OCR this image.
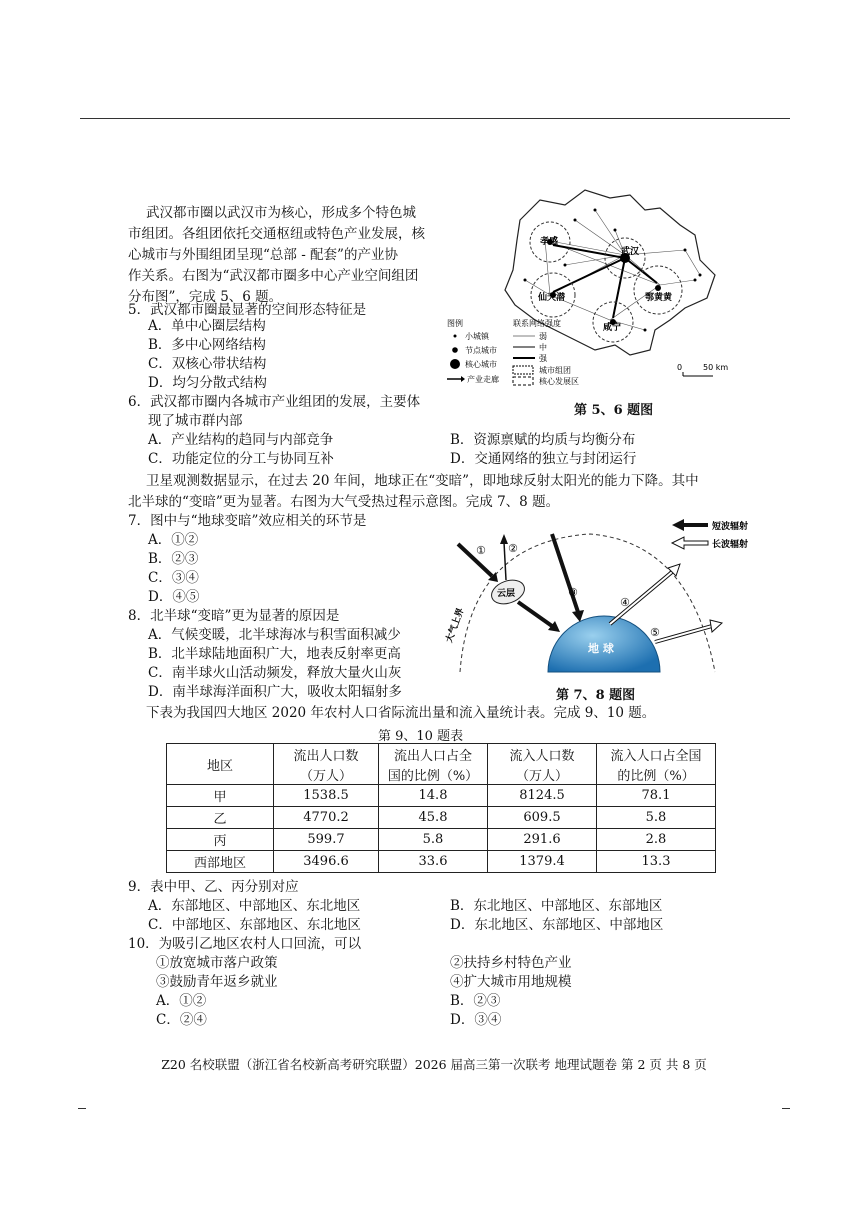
武汉都市圈以武汉市为核心，形成多个特色城
市组团。各组团依托交通枢纽或特色产业发展，核
心城市与外围组团呈现“总部 - 配套”的产业协
作关系。右图为“武汉都市圈多中心产业空间组团
分布图”，完成 5、6 题。
5．武汉都市圈最显著的空间形态特征是
A．单中心圈层结构
B．多中心网络结构
C．双核心带状结构
D．均匀分散式结构
6．武汉都市圈内各城市产业组团的发展，主要体
现了城市群内部
A．产业结构的趋同与内部竞争	B．资源禀赋的均质与均衡分布
C．功能定位的分工与协同互补	D．交通网络的独立与封闭运行
孝感
武汉
仙天潜	鄂黄黄
咸宁
图例
小城镇
节点城市
核心城市
产业走廊
联系网络强度
弱
中
强
城市组团
核心发展区
0	50 km
第 5、6 题图
卫星观测数据显示，在过去 20 年间，地球正在“变暗”，即地球反射太阳光的能力下降。其中
北半球的“变暗”更为显著。右图为大气受热过程示意图。完成 7、8 题。
7．图中与“地球变暗”效应相关的环节是
A．①②
B．②③
C．③④
D．④⑤
8．北半球“变暗”更为显著的原因是
A．气候变暖，北半球海冰与积雪面积减少
B．北半球陆地面积广大，地表反射率更高
C．南半球火山活动频发，释放大量火山灰
D．南半球海洋面积广大，吸收太阳辐射多
短波辐射
长波辐射
大气上界
地 球
云层
① ②
③
④
⑤
第 7、8 题图
下表为我国四大地区 2020 年农村人口省际流出量和流入量统计表。完成 9、10 题。
第 9、10 题表
地区	流出人口数	流出人口占全	流入人口数	流入人口占全国
	（万人）	国的比例（%）	（万人）	的比例（%）
甲	1538.5	14.8	8124.5	78.1
乙	4770.2	45.8	609.5	5.8
丙	599.7	5.8	291.6	2.8
西部地区	3496.6	33.6	1379.4	13.3
9．表中甲、乙、丙分别对应
A．东部地区、中部地区、东北地区	B．东北地区、中部地区、东部地区
C．中部地区、东部地区、东北地区	D．东北地区、东部地区、中部地区
10．为吸引乙地区农村人口回流，可以
①放宽城市落户政策	②扶持乡村特色产业
③鼓励青年返乡就业	④扩大城市用地规模
A．①②	B．②③
C．②④	D．③④
Z20 名校联盟（浙江省名校新高考研究联盟）2026 届高三第一次联考 地理试题卷 第 2 页 共 8 页
